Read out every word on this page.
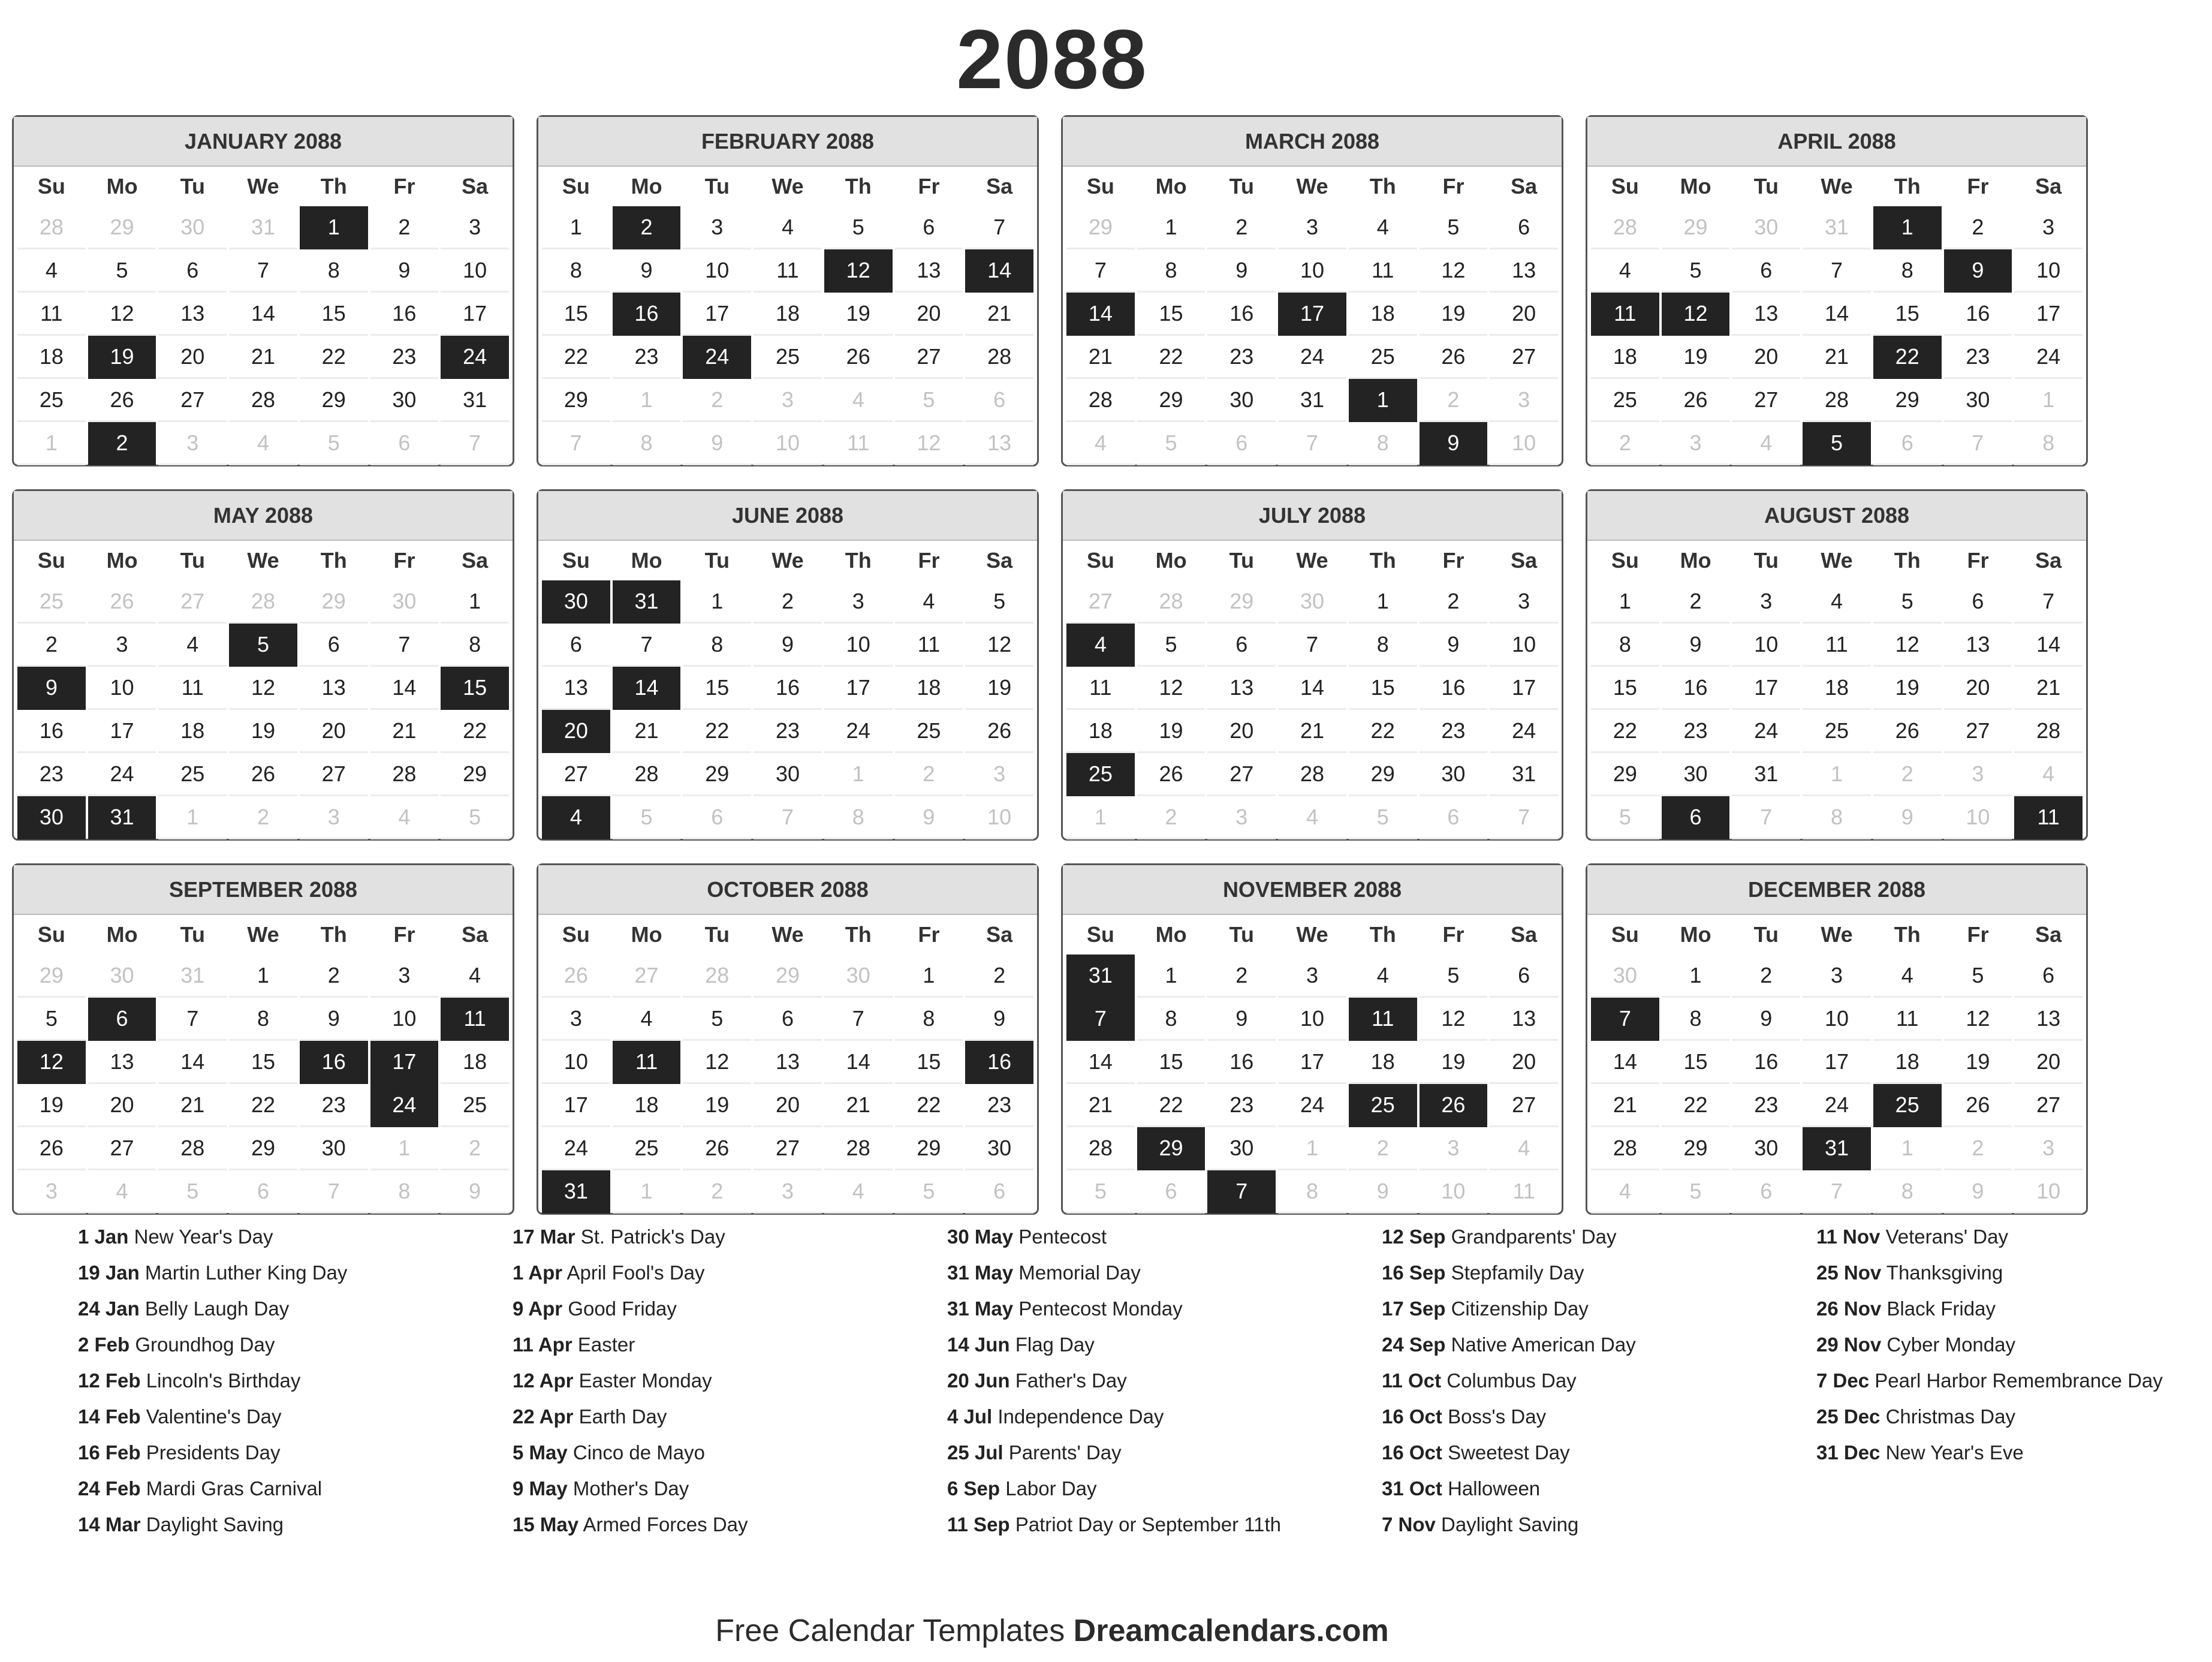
2088
JANUARY 2088
Su	Mo	Tu	We	Th	Fr	Sa
28	29	30	31	1	2	3
4	5	6	7	8	9	10
11	12	13	14	15	16	17
18	19	20	21	22	23	24
25	26	27	28	29	30	31
1	2	3	4	5	6	7
FEBRUARY 2088
Su	Mo	Tu	We	Th	Fr	Sa
1	2	3	4	5	6	7
8	9	10	11	12	13	14
15	16	17	18	19	20	21
22	23	24	25	26	27	28
29	1	2	3	4	5	6
7	8	9	10	11	12	13
MARCH 2088
Su	Mo	Tu	We	Th	Fr	Sa
29	1	2	3	4	5	6
7	8	9	10	11	12	13
14	15	16	17	18	19	20
21	22	23	24	25	26	27
28	29	30	31	1	2	3
4	5	6	7	8	9	10
APRIL 2088
Su	Mo	Tu	We	Th	Fr	Sa
28	29	30	31	1	2	3
4	5	6	7	8	9	10
11	12	13	14	15	16	17
18	19	20	21	22	23	24
25	26	27	28	29	30	1
2	3	4	5	6	7	8
MAY 2088
Su	Mo	Tu	We	Th	Fr	Sa
25	26	27	28	29	30	1
2	3	4	5	6	7	8
9	10	11	12	13	14	15
16	17	18	19	20	21	22
23	24	25	26	27	28	29
30	31	1	2	3	4	5
JUNE 2088
Su	Mo	Tu	We	Th	Fr	Sa
30	31	1	2	3	4	5
6	7	8	9	10	11	12
13	14	15	16	17	18	19
20	21	22	23	24	25	26
27	28	29	30	1	2	3
4	5	6	7	8	9	10
JULY 2088
Su	Mo	Tu	We	Th	Fr	Sa
27	28	29	30	1	2	3
4	5	6	7	8	9	10
11	12	13	14	15	16	17
18	19	20	21	22	23	24
25	26	27	28	29	30	31
1	2	3	4	5	6	7
AUGUST 2088
Su	Mo	Tu	We	Th	Fr	Sa
1	2	3	4	5	6	7
8	9	10	11	12	13	14
15	16	17	18	19	20	21
22	23	24	25	26	27	28
29	30	31	1	2	3	4
5	6	7	8	9	10	11
SEPTEMBER 2088
Su	Mo	Tu	We	Th	Fr	Sa
29	30	31	1	2	3	4
5	6	7	8	9	10	11
12	13	14	15	16	17	18
19	20	21	22	23	24	25
26	27	28	29	30	1	2
3	4	5	6	7	8	9
OCTOBER 2088
Su	Mo	Tu	We	Th	Fr	Sa
26	27	28	29	30	1	2
3	4	5	6	7	8	9
10	11	12	13	14	15	16
17	18	19	20	21	22	23
24	25	26	27	28	29	30
31	1	2	3	4	5	6
NOVEMBER 2088
Su	Mo	Tu	We	Th	Fr	Sa
31	1	2	3	4	5	6
7	8	9	10	11	12	13
14	15	16	17	18	19	20
21	22	23	24	25	26	27
28	29	30	1	2	3	4
5	6	7	8	9	10	11
DECEMBER 2088
Su	Mo	Tu	We	Th	Fr	Sa
30	1	2	3	4	5	6
7	8	9	10	11	12	13
14	15	16	17	18	19	20
21	22	23	24	25	26	27
28	29	30	31	1	2	3
4	5	6	7	8	9	10
1 Jan New Year's Day
19 Jan Martin Luther King Day
24 Jan Belly Laugh Day
2 Feb Groundhog Day
12 Feb Lincoln's Birthday
14 Feb Valentine's Day
16 Feb Presidents Day
24 Feb Mardi Gras Carnival
14 Mar Daylight Saving
17 Mar St. Patrick's Day
1 Apr April Fool's Day
9 Apr Good Friday
11 Apr Easter
12 Apr Easter Monday
22 Apr Earth Day
5 May Cinco de Mayo
9 May Mother's Day
15 May Armed Forces Day
30 May Pentecost
31 May Memorial Day
31 May Pentecost Monday
14 Jun Flag Day
20 Jun Father's Day
4 Jul Independence Day
25 Jul Parents' Day
6 Sep Labor Day
11 Sep Patriot Day or September 11th
12 Sep Grandparents' Day
16 Sep Stepfamily Day
17 Sep Citizenship Day
24 Sep Native American Day
11 Oct Columbus Day
16 Oct Boss's Day
16 Oct Sweetest Day
31 Oct Halloween
7 Nov Daylight Saving
11 Nov Veterans' Day
25 Nov Thanksgiving
26 Nov Black Friday
29 Nov Cyber Monday
7 Dec Pearl Harbor Remembrance Day
25 Dec Christmas Day
31 Dec New Year's Eve
Free Calendar Templates Dreamcalendars.com
